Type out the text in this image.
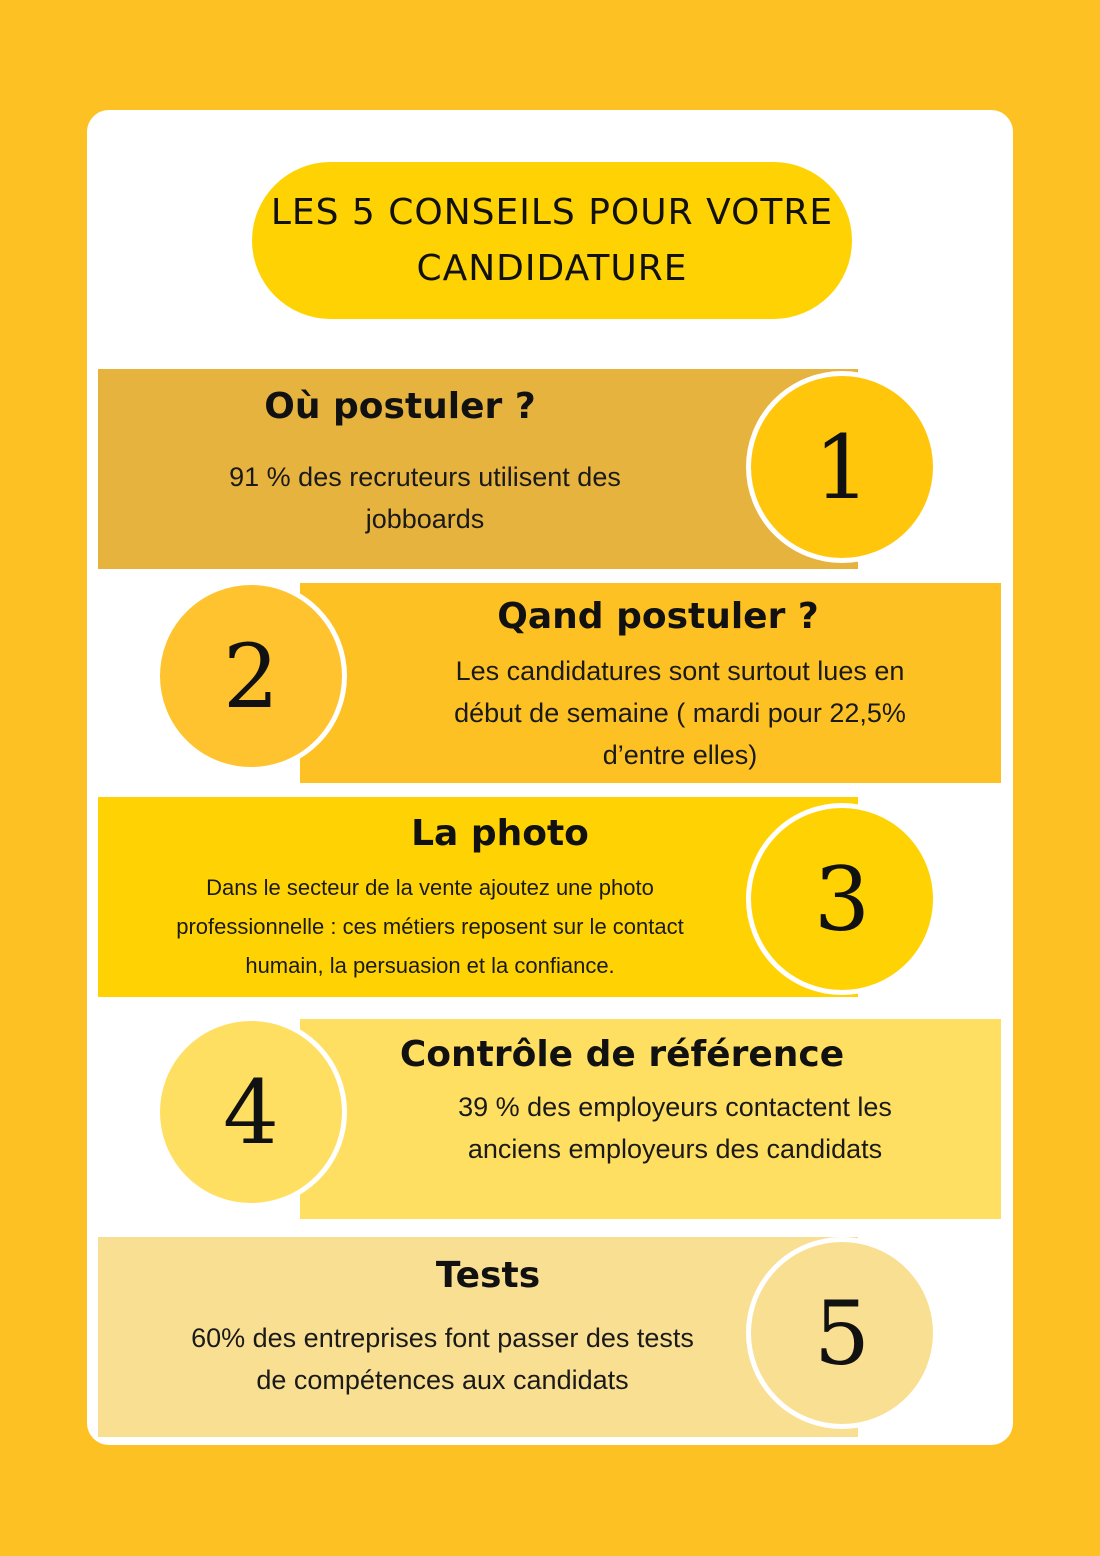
LES 5 CONSEILS POUR VOTRE
CANDIDATURE
1
Où postuler ?
91 % des recruteurs utilisent des jobboards
2
Qand postuler ?
Les candidatures sont surtout lues en début de semaine ( mardi pour 22,5% d’entre elles)
3
La photo
Dans le secteur de la vente ajoutez une photo professionnelle : ces métiers reposent sur le contact humain, la persuasion et la confiance.
4
Contrôle de référence
39 % des employeurs contactent les anciens employeurs des candidats
5
Tests
60% des entreprises font passer des tests de compétences aux candidats
